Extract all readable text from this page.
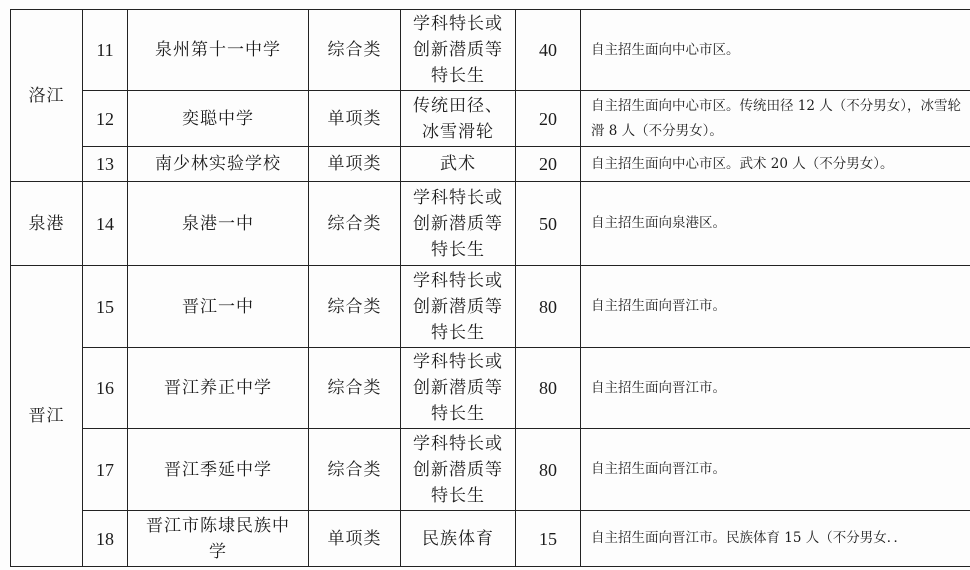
洛江	11	泉州第十一中学	综合类	学科特长或
创新潜质等
特长生	40	自主招生面向中心市区。
	12	奕聪中学	单项类	传统田径、
冰雪滑轮	20	自主招生面向中心市区。传统田径 12 人（不分男女），冰雪轮滑 8 人（不分男女）。
	13	南少林实验学校	单项类	武术	20	自主招生面向中心市区。武术 20 人（不分男女）。
泉港	14	泉港一中	综合类	学科特长或
创新潜质等
特长生	50	自主招生面向泉港区。
晋江	15	晋江一中	综合类	学科特长或
创新潜质等
特长生	80	自主招生面向晋江市。
	16	晋江养正中学	综合类	学科特长或
创新潜质等
特长生	80	自主招生面向晋江市。
	17	晋江季延中学	综合类	学科特长或
创新潜质等
特长生	80	自主招生面向晋江市。
	18	晋江市陈埭民族中
学	单项类	民族体育	15	自主招生面向晋江市。民族体育 15 人（不分男女．．
